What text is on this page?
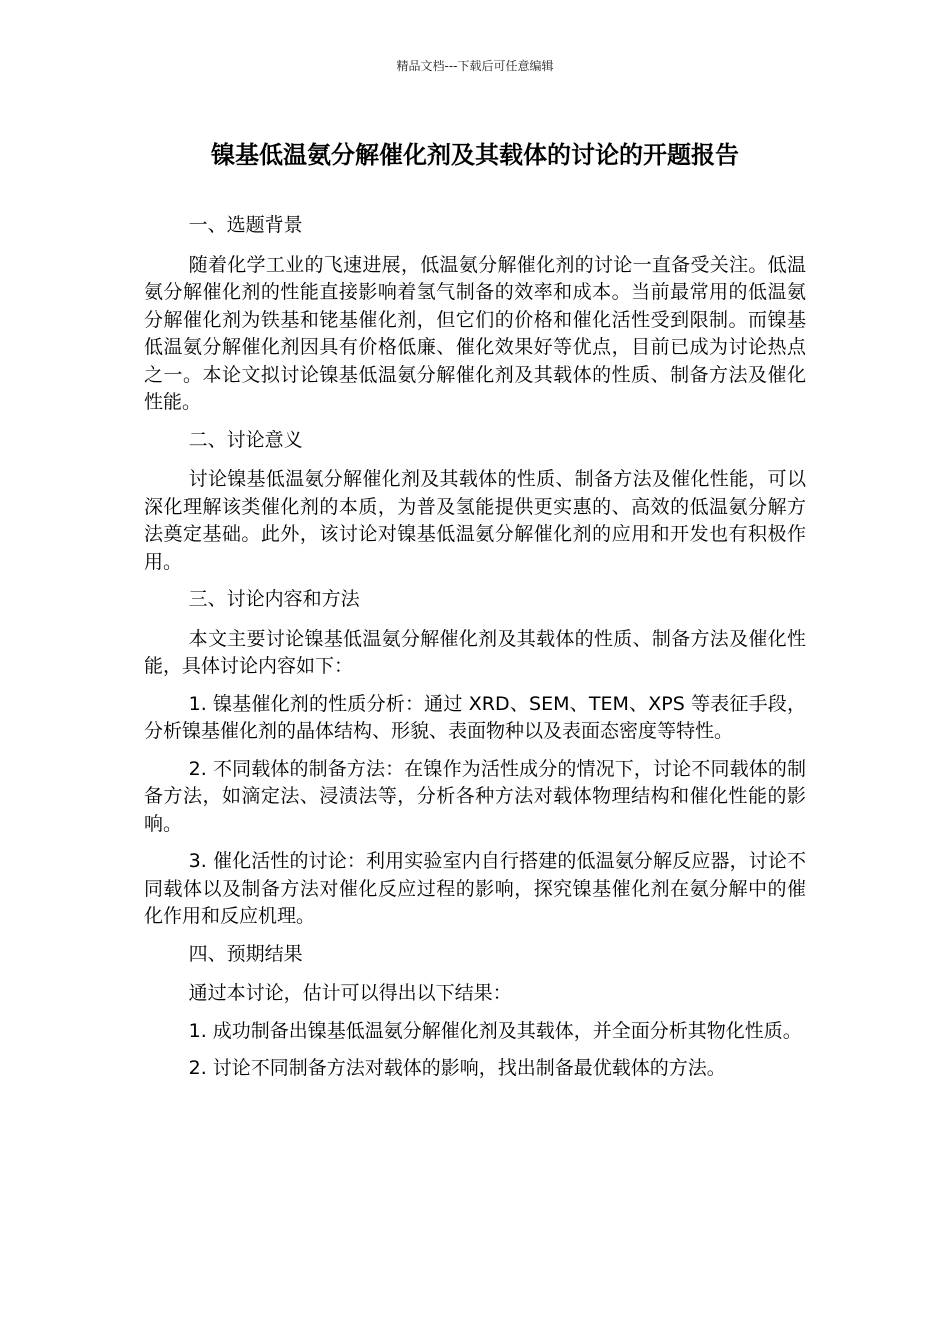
精品文档---下载后可任意编辑
镍基低温氨分解催化剂及其载体的讨论的开题报告

一、选题背景

随着化学工业的飞速进展，低温氨分解催化剂的讨论一直备受关注。低温氨分解催化剂的性能直接影响着氢气制备的效率和成本。当前最常用的低温氨分解催化剂为铁基和铑基催化剂，但它们的价格和催化活性受到限制。而镍基低温氨分解催化剂因具有价格低廉、催化效果好等优点，目前已成为讨论热点之一。本论文拟讨论镍基低温氨分解催化剂及其载体的性质、制备方法及催化性能。

二、讨论意义

讨论镍基低温氨分解催化剂及其载体的性质、制备方法及催化性能，可以深化理解该类催化剂的本质，为普及氢能提供更实惠的、高效的低温氨分解方法奠定基础。此外，该讨论对镍基低温氨分解催化剂的应用和开发也有积极作用。

三、讨论内容和方法

本文主要讨论镍基低温氨分解催化剂及其载体的性质、制备方法及催化性能，具体讨论内容如下：

1. 镍基催化剂的性质分析：通过 XRD、SEM、TEM、XPS 等表征手段，分析镍基催化剂的晶体结构、形貌、表面物种以及表面态密度等特性。

2. 不同载体的制备方法：在镍作为活性成分的情况下，讨论不同载体的制备方法，如滴定法、浸渍法等，分析各种方法对载体物理结构和催化性能的影响。

3. 催化活性的讨论：利用实验室内自行搭建的低温氨分解反应器，讨论不同载体以及制备方法对催化反应过程的影响，探究镍基催化剂在氨分解中的催化作用和反应机理。

四、预期结果

通过本讨论，估计可以得出以下结果：

1. 成功制备出镍基低温氨分解催化剂及其载体，并全面分析其物化性质。

2. 讨论不同制备方法对载体的影响，找出制备最优载体的方法。
